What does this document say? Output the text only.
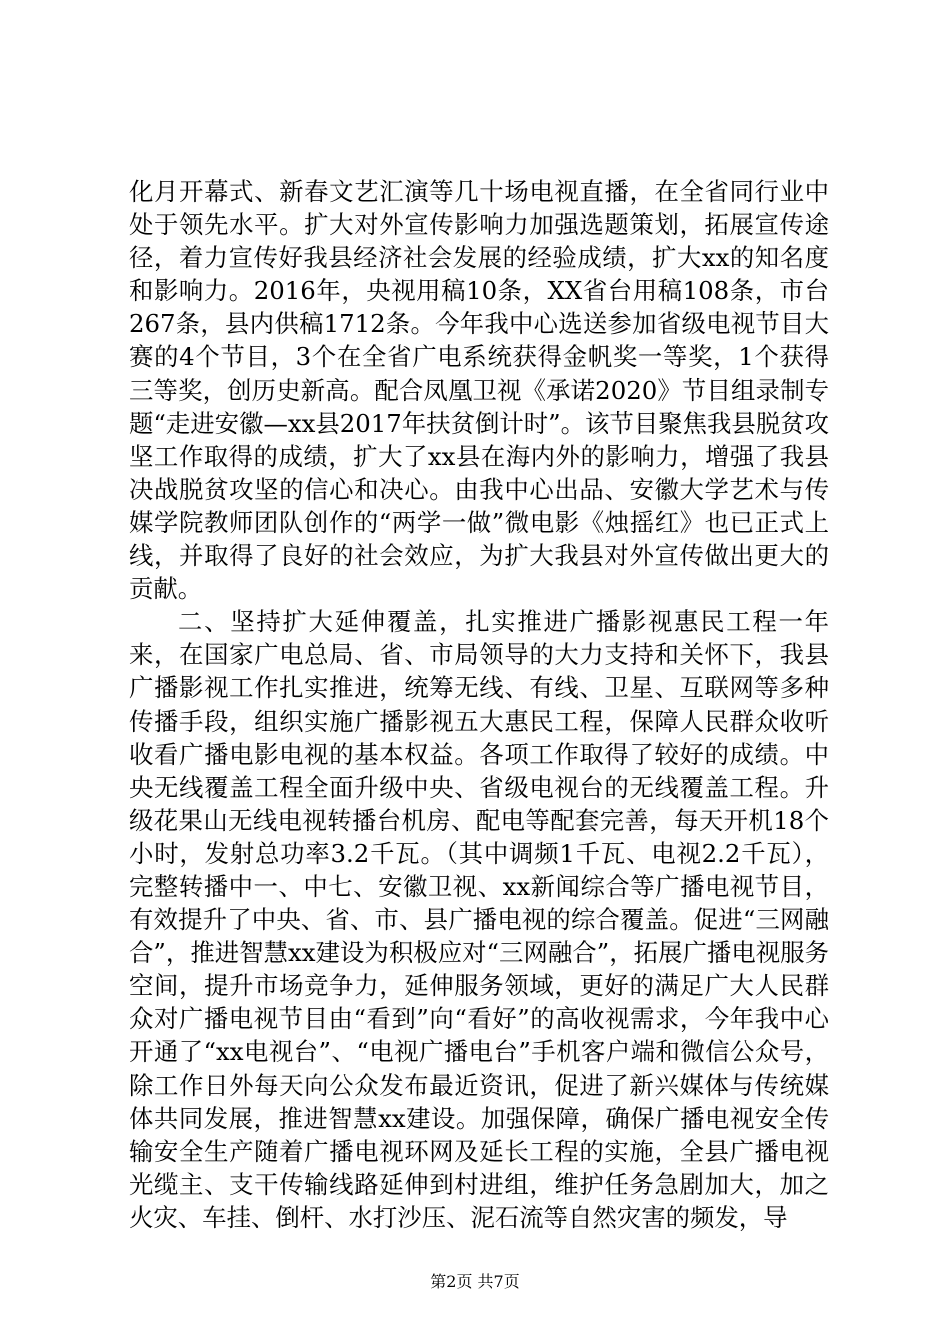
化月开幕式、新春文艺汇演等几十场电视直播，在全省同行业中处于领先水平。扩大对外宣传影响力加强选题策划，拓展宣传途径，着力宣传好我县经济社会发展的经验成绩，扩大xx的知名度和影响力。2016年，央视用稿10条，XX省台用稿108条，市台267条，县内供稿1712条。今年我中心选送参加省级电视节目大赛的4个节目，3个在全省广电系统获得金帆奖一等奖，1个获得三等奖，创历史新高。配合凤凰卫视《承诺2020》节目组录制专题“走进安徽—xx县2017年扶贫倒计时”。该节目聚焦我县脱贫攻坚工作取得的成绩，扩大了xx县在海内外的影响力，增强了我县决战脱贫攻坚的信心和决心。由我中心出品、安徽大学艺术与传媒学院教师团队创作的“两学一做”微电影《烛摇红》也已正式上线，并取得了良好的社会效应，为扩大我县对外宣传做出更大的贡献。

二、坚持扩大延伸覆盖，扎实推进广播影视惠民工程一年来，在国家广电总局、省、市局领导的大力支持和关怀下，我县广播影视工作扎实推进，统筹无线、有线、卫星、互联网等多种传播手段，组织实施广播影视五大惠民工程，保障人民群众收听收看广播电影电视的基本权益。各项工作取得了较好的成绩。中央无线覆盖工程全面升级中央、省级电视台的无线覆盖工程。升级花果山无线电视转播台机房、配电等配套完善，每天开机18个小时，发射总功率3.2千瓦。（其中调频1千瓦、电视2.2千瓦），完整转播中一、中七、安徽卫视、xx新闻综合等广播电视节目，有效提升了中央、省、市、县广播电视的综合覆盖。促进“三网融合”，推进智慧xx建设为积极应对“三网融合”，拓展广播电视服务空间，提升市场竞争力，延伸服务领域，更好的满足广大人民群众对广播电视节目由“看到”向“看好”的高收视需求，今年我中心开通了“xx电视台”、“电视广播电台”手机客户端和微信公众号，除工作日外每天向公众发布最近资讯，促进了新兴媒体与传统媒体共同发展，推进智慧xx建设。加强保障，确保广播电视安全传输安全生产随着广播电视环网及延长工程的实施，全县广播电视光缆主、支干传输线路延伸到村进组，维护任务急剧加大，加之火灾、车挂、倒杆、水打沙压、泥石流等自然灾害的频发，导

第2页 共7页
